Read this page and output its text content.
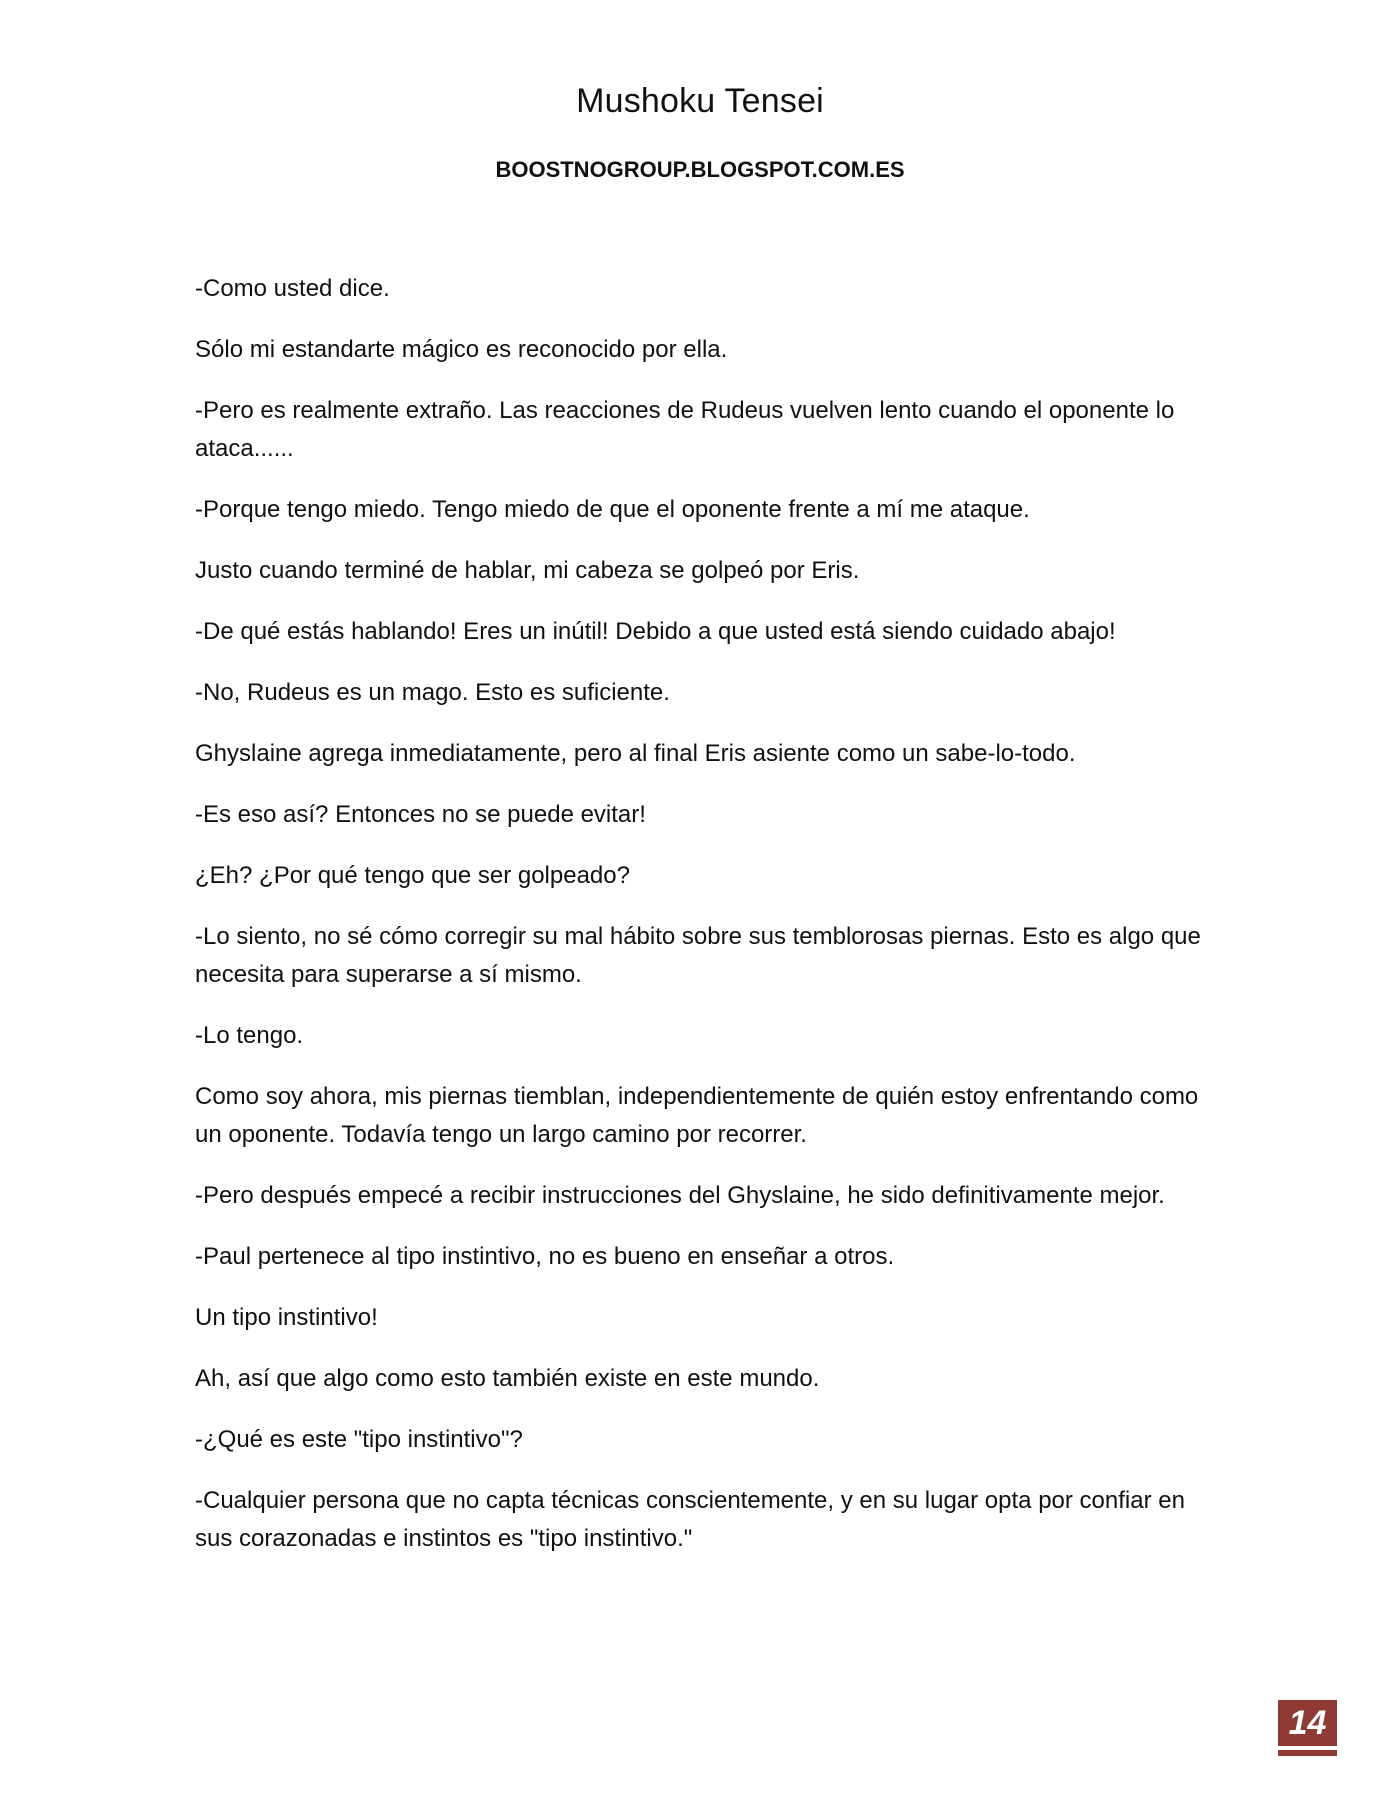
Mushoku Tensei
BOOSTNOGROUP.BLOGSPOT.COM.ES

-Como usted dice.

Sólo mi estandarte mágico es reconocido por ella.

-Pero es realmente extraño. Las reacciones de Rudeus vuelven lento cuando el oponente lo ataca......

-Porque tengo miedo. Tengo miedo de que el oponente frente a mí me ataque.

Justo cuando terminé de hablar, mi cabeza se golpeó por Eris.

-De qué estás hablando! Eres un inútil! Debido a que usted está siendo cuidado abajo!

-No, Rudeus es un mago. Esto es suficiente.

Ghyslaine agrega inmediatamente, pero al final Eris asiente como un sabe-lo-todo.

-Es eso así? Entonces no se puede evitar!

¿Eh? ¿Por qué tengo que ser golpeado?

-Lo siento, no sé cómo corregir su mal hábito sobre sus temblorosas piernas. Esto es algo que necesita para superarse a sí mismo.

-Lo tengo.

Como soy ahora, mis piernas tiemblan, independientemente de quién estoy enfrentando como un oponente. Todavía tengo un largo camino por recorrer.

-Pero después empecé a recibir instrucciones del Ghyslaine, he sido definitivamente mejor.

-Paul pertenece al tipo instintivo, no es bueno en enseñar a otros.

Un tipo instintivo!

Ah, así que algo como esto también existe en este mundo.

-¿Qué es este "tipo instintivo"?

-Cualquier persona que no capta técnicas conscientemente, y en su lugar opta por confiar en sus corazonadas e instintos es "tipo instintivo."

14
